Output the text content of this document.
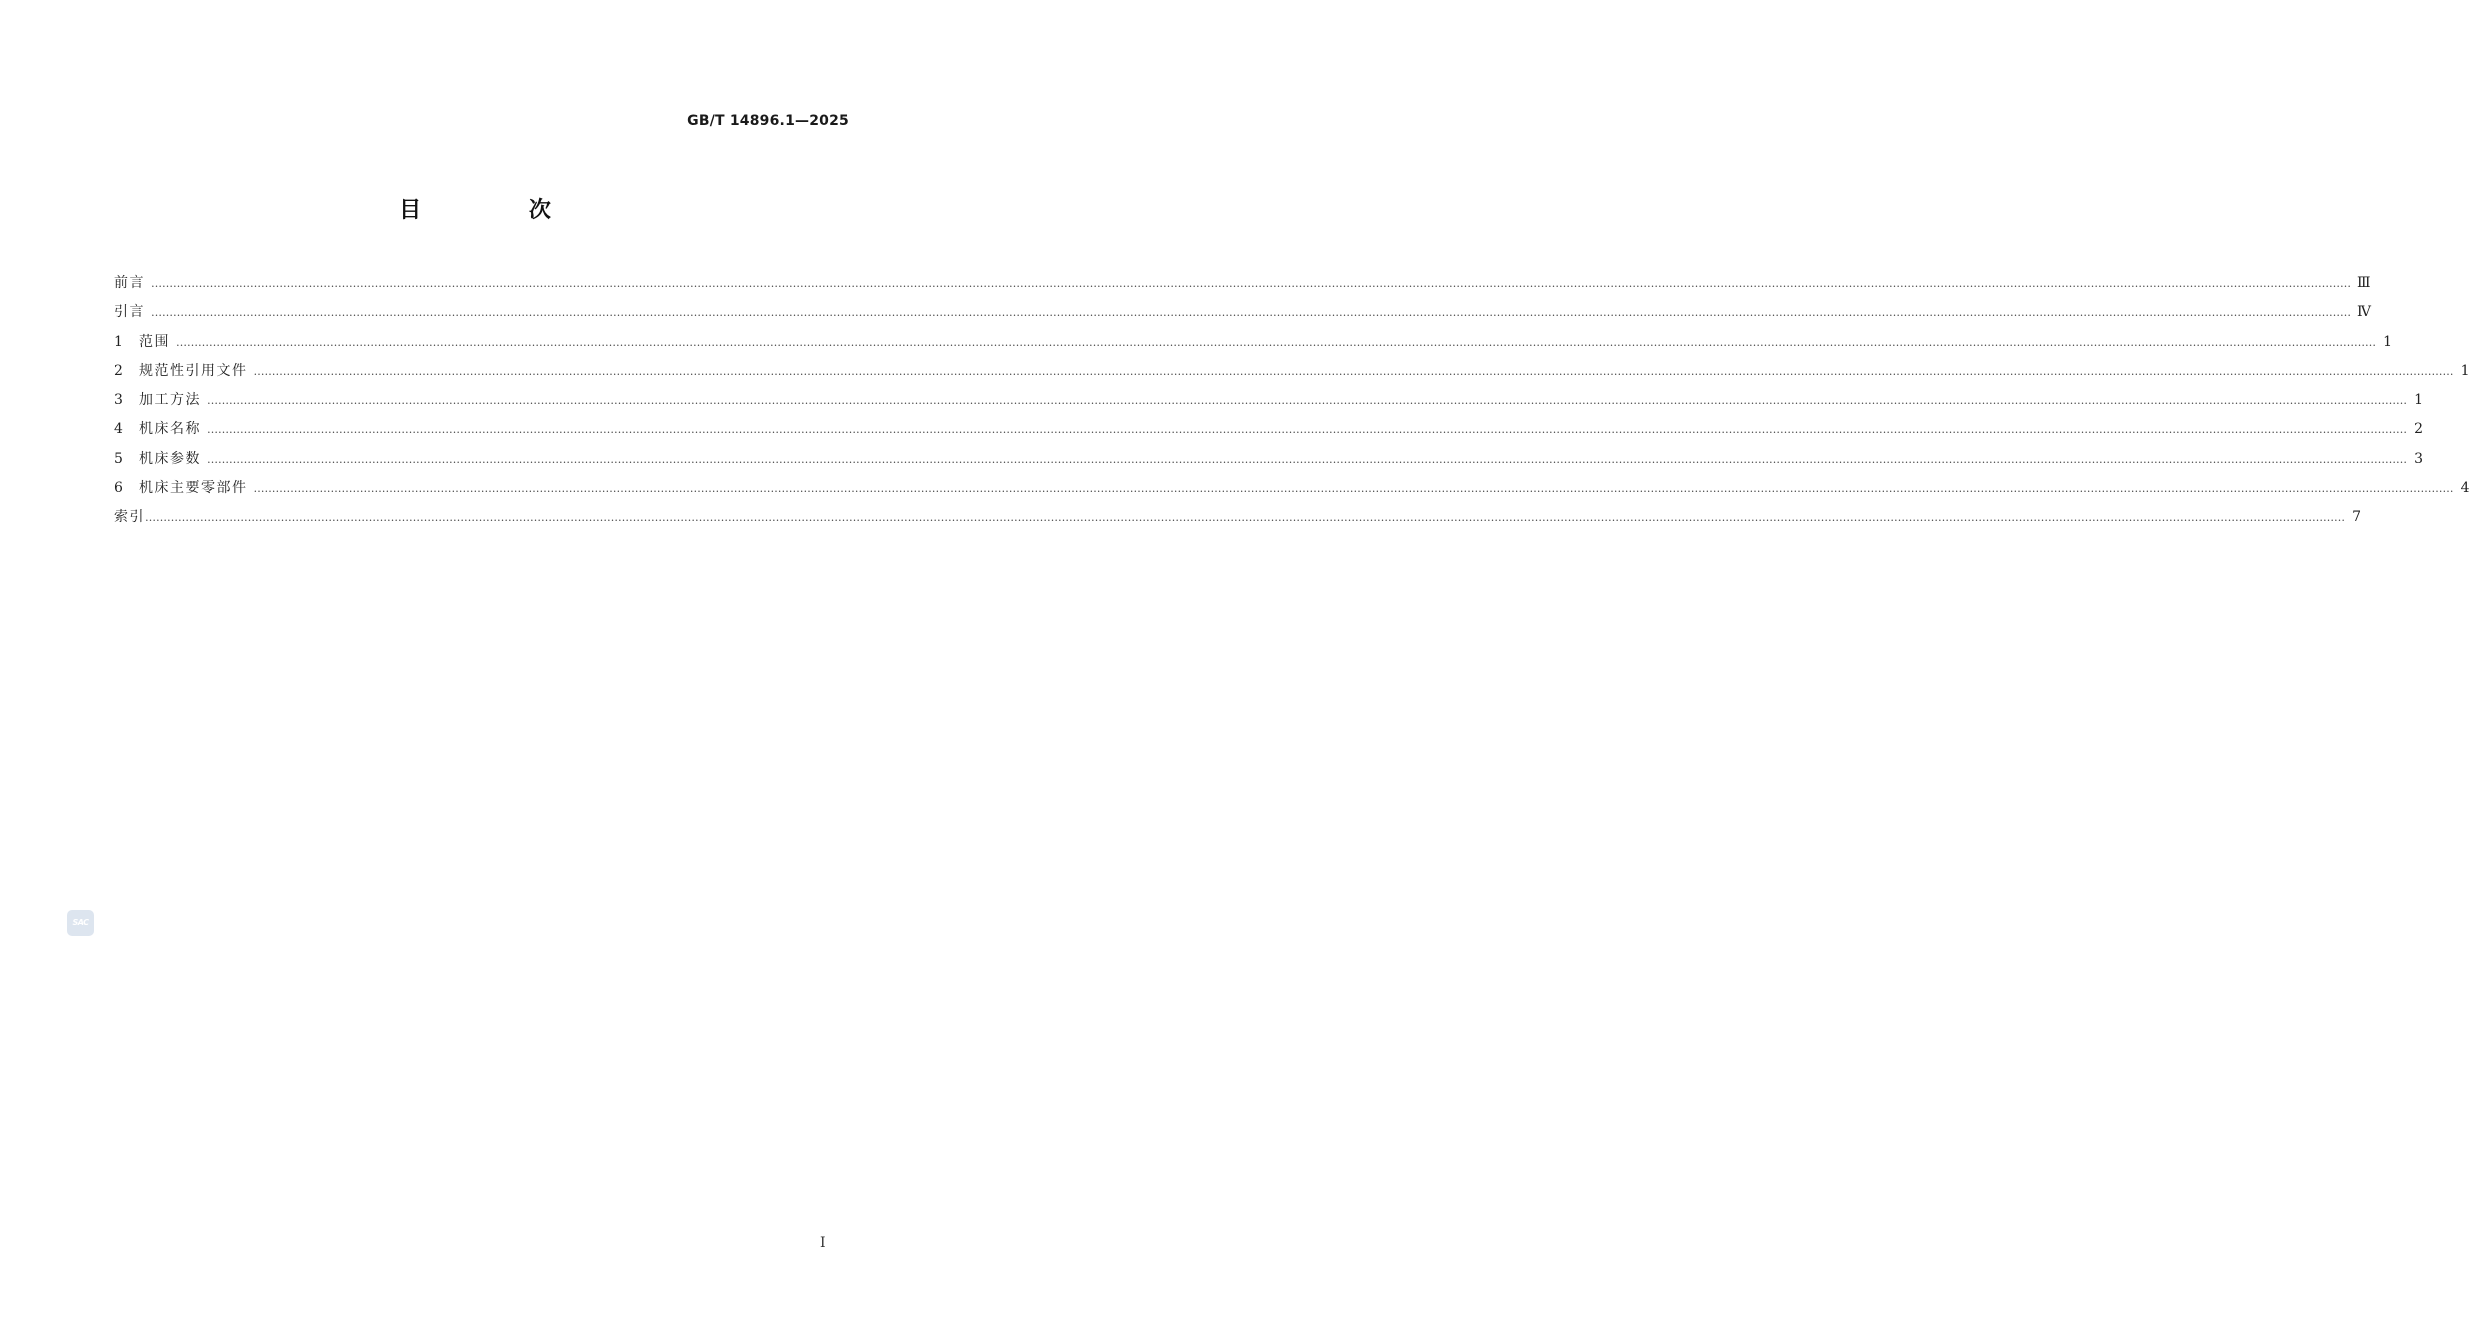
GB/T 14896.1—2025
目 次
前言 …………………………………………………………………………………………………………………………………………………………………………………………………………………………………………………………………………………………………………………………………………………………………………………………………………………………………………………………………………………………………………………………………………………… Ⅲ
引言 …………………………………………………………………………………………………………………………………………………………………………………………………………………………………………………………………………………………………………………………………………………………………………………………………………………………………………………………………………………………………………………………………………………… Ⅳ
1	范围 …………………………………………………………………………………………………………………………………………………………………………………………………………………………………………………………………………………………………………………………………………………………………………………………………………………………………………………………………………………………………………………………………………………… 1
2	规范性引用文件 …………………………………………………………………………………………………………………………………………………………………………………………………………………………………………………………………………………………………………………………………………………………………………………………………………………………………………………………………………………………………………………………………………………… 1
3	加工方法 …………………………………………………………………………………………………………………………………………………………………………………………………………………………………………………………………………………………………………………………………………………………………………………………………………………………………………………………………………………………………………………………………………………… 1
4	机床名称 …………………………………………………………………………………………………………………………………………………………………………………………………………………………………………………………………………………………………………………………………………………………………………………………………………………………………………………………………………………………………………………………………………………… 2
5	机床参数 …………………………………………………………………………………………………………………………………………………………………………………………………………………………………………………………………………………………………………………………………………………………………………………………………………………………………………………………………………………………………………………………………………………… 3
6	机床主要零部件 …………………………………………………………………………………………………………………………………………………………………………………………………………………………………………………………………………………………………………………………………………………………………………………………………………………………………………………………………………………………………………………………………………………… 4
索引 …………………………………………………………………………………………………………………………………………………………………………………………………………………………………………………………………………………………………………………………………………………………………………………………………………………………………………………………………………………………………………………………………………………… 7
SAC
I
